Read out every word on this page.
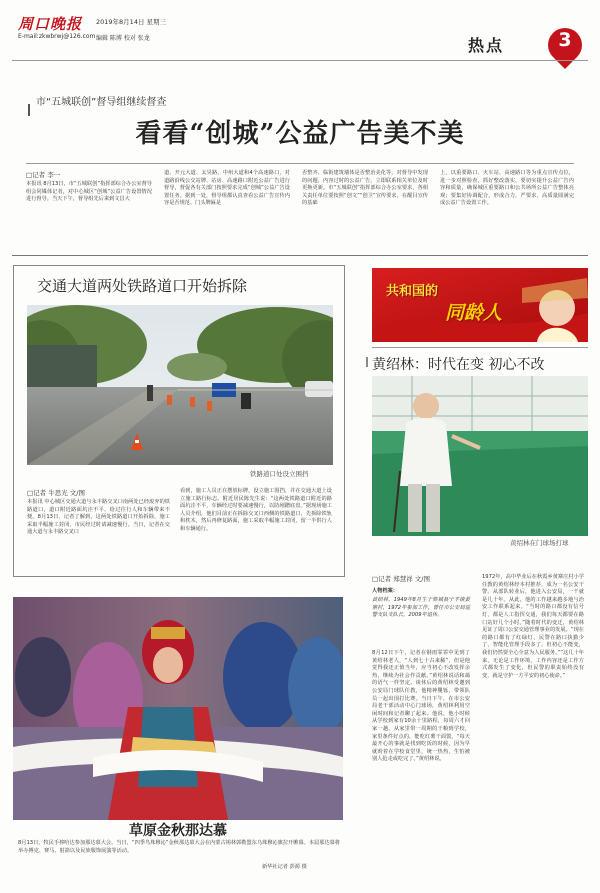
周口晚报 2019年8月14日 星期三
E-mail:zkwbrwj@126.com 编辑 陈博 校对 张龙	热点	3
市“五城联创”督导组继续督查
看看“创城”公益广告美不美
□记者 李一
本报讯 8月13日，市“五城联创”指挥部综合办公室督导组会同媒体记者，对中心城区“创城”公益广告设置情况进行督导。当天下午，督导组先后来到文昌大
道、开元大道、太昊路、中州大道和4个高速路口，对道路沿线公交站牌、站房、高速路口附近公益广告进行督导，督促各有关部门按照要求完成“创城”公益广告设置任务。据到一处，督导组都认真查看公益广告宣传内容是否规范、门头牌匾是
否整齐、临街建筑墙体是否整治美化等，对督导中发现的问题，内容过时的公益广告，立即联系相关单位及时更换更新。市“五城联创”指挥部综合办公室要求，各相关责任单位要按照“创文”“创卫”宣传要求，在醒目宣传的基础
上，以重要路口、火车站、高速路口等为重点宣传点位，进一步对照检查，抓好整改落实，要切实提升公益广告内容和质量，确保城区重要路口和公共场所公益广告整体亮观；要集好协调配合，形成合力，严要求、高质量圆满完成公益广告设置工作。
交通大道两处铁路道口开始拆除
铁路道口处设立围挡
□记者 牛思光 文/图
本报讯 中心城区交通大道与永丰路交叉口南两处已经废弃的铁路道口，道口附近路面坑洼不平，给过往行人和车辆带来不便。8月13日，记者了解到，这两处铁路道口开始拆除，施工采取半幅施工封闭，市民经过时请减速慢行。当日，记者在交通大道与永丰路交叉口
看到，施工人员正在摆放标牌，设立施工围挡，并在交通大道上设立施工路行标志。附近居民陈先生说：“这两处铁路道口附近的路面坑洼不平，车辆经过时要减速慢行，以防剐蹭底盘。”据现场施工人员介绍，他们目前正在拆除交叉口西侧的铁路道口，先拆除铁轨和枕木，然后再修复路面，施工采取半幅施工封闭，留一半供行人和车辆通行。
草原金秋那达慕
8月13日，牧民手捧哈达参加那达慕大会。当日，“四季鸟珠穆沁”金秋那达慕大会在内蒙古锡林郭勒盟东乌珠穆沁旗拉开帷幕。本届那达慕将举办搏克、赛马、射箭以及民族服饰展演等活动。
新华社记者 彭源 摄
共和国的
同龄人
黄绍林：时代在变 初心不改
黄绍林在门球场打球
□记者 郑慧祥 文/图
人物档案：
黄绍林，1949年8月生于郸城县宁平镇黄寨村，1972年参加工作，曾任市公安局巡警支队支队长，2009年退休。
8月12日下午，记者在钢雨霏霏中见到了黄绍林老人，“人到七十古来稀”，但是他觉得我还正值当年，应当初心不改发挥余热，继续为社会作贡献。”黄绍林说话和蔼的语气一样坚定。谈休后的黄绍林受邀到公安局门球队任教，他精神矍铄，带领队员一起出国打比赛。当日下午，在市公安局老干部活动中心门球场，黄绍林利用空闲时间和记者聊了起来。他说，他小时候从学校到家有10余十里路程，每周六才回家一趟。从家里带一周期的干粮到学校，家里条件好点的，能吃红薯干面馍，“每天最开心的事就是找到吃饭的时候，因为早就盼着在学校食堂里，统一热热，生怕被别人抢走或吃完了。”黄绍林说。
1972年，高中毕业后在秋霞乡黄寨庄村小学任教的黄绍林经本村推荐，成为一名公安干警。从部队转业后，他进入公安局，一干就是几十年。从此，他的工作越来越多地与治安工作联系起来。“当时的路口都没有信号灯，都是人工指挥交通，我们每天都要在路口站好几个小时。”随着时代的变迁，黄绍林见证了周口公安交通管理事业的发展。“现在的路口都有了红绿灯，民警在路口执勤少了，智能化管理手段多了，但初心不能变，我们仍然要全心全意为人民服务。”“这几十年来，无论是工作环境，工作内容还是工作方式都发生了变化，但民警的职责始终没有变，就是守护一方平安的初心使命。”
